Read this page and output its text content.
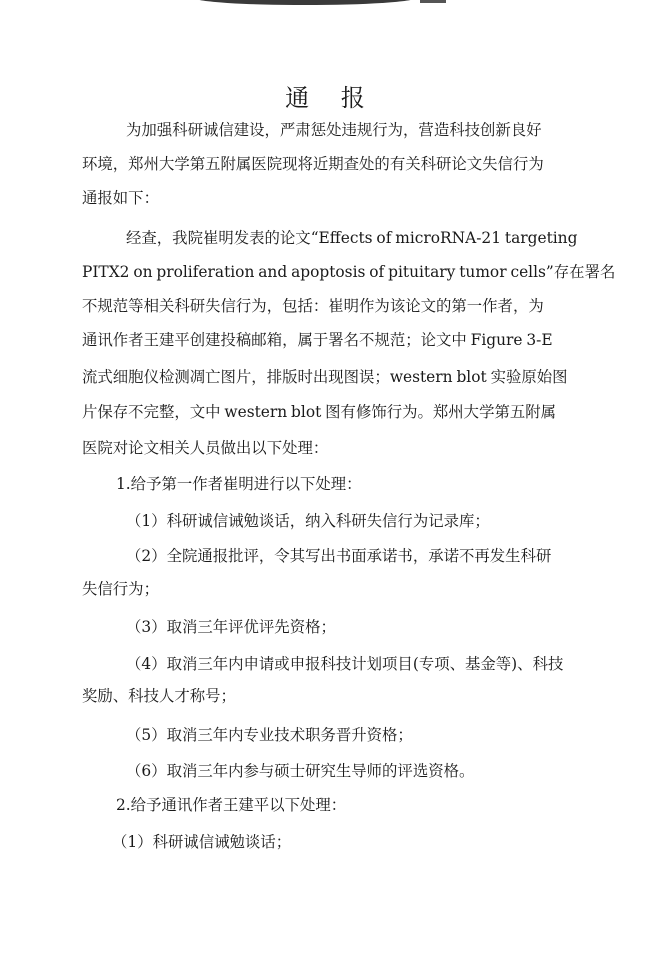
通 报
为加强科研诚信建设，严肃惩处违规行为，营造科技创新良好
环境，郑州大学第五附属医院现将近期查处的有关科研论文失信行为
通报如下：
经查，我院崔明发表的论文“Effects of microRNA-21 targeting
PITX2 on proliferation and apoptosis of pituitary tumor cells”存在署名
不规范等相关科研失信行为，包括：崔明作为该论文的第一作者，为
通讯作者王建平创建投稿邮箱，属于署名不规范；论文中 Figure 3-E
流式细胞仪检测凋亡图片，排版时出现图误；western blot 实验原始图
片保存不完整，文中 western blot 图有修饰行为。郑州大学第五附属
医院对论文相关人员做出以下处理：
1.给予第一作者崔明进行以下处理：
（1）科研诚信诫勉谈话，纳入科研失信行为记录库；
（2）全院通报批评，令其写出书面承诺书，承诺不再发生科研
失信行为；
（3）取消三年评优评先资格；
（4）取消三年内申请或申报科技计划项目(专项、基金等)、科技
奖励、科技人才称号；
（5）取消三年内专业技术职务晋升资格；
（6）取消三年内参与硕士研究生导师的评选资格。
2.给予通讯作者王建平以下处理：
（1）科研诚信诫勉谈话；
